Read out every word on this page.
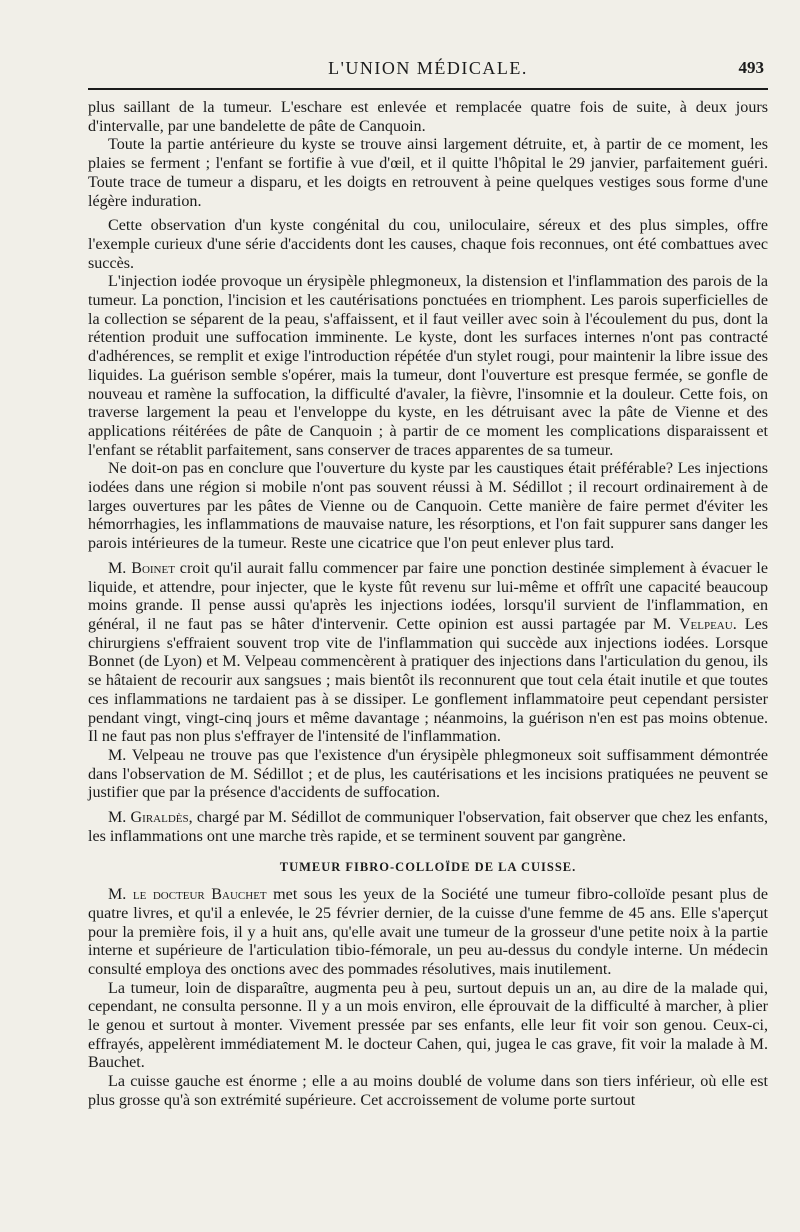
L'UNION MÉDICALE.	493

plus saillant de la tumeur. L'eschare est enlevée et remplacée quatre fois de suite, à deux jours d'intervalle, par une bandelette de pâte de Canquoin.

Toute la partie antérieure du kyste se trouve ainsi largement détruite, et, à partir de ce moment, les plaies se ferment ; l'enfant se fortifie à vue d'œil, et il quitte l'hôpital le 29 janvier, parfaitement guéri. Toute trace de tumeur a disparu, et les doigts en retrouvent à peine quelques vestiges sous forme d'une légère induration.

Cette observation d'un kyste congénital du cou, uniloculaire, séreux et des plus simples, offre l'exemple curieux d'une série d'accidents dont les causes, chaque fois reconnues, ont été combattues avec succès.

L'injection iodée provoque un érysipèle phlegmoneux, la distension et l'inflammation des parois de la tumeur. La ponction, l'incision et les cautérisations ponctuées en triomphent. Les parois superficielles de la collection se séparent de la peau, s'affaissent, et il faut veiller avec soin à l'écoulement du pus, dont la rétention produit une suffocation imminente. Le kyste, dont les surfaces internes n'ont pas contracté d'adhérences, se remplit et exige l'introduction répétée d'un stylet rougi, pour maintenir la libre issue des liquides. La guérison semble s'opérer, mais la tumeur, dont l'ouverture est presque fermée, se gonfle de nouveau et ramène la suffocation, la difficulté d'avaler, la fièvre, l'insomnie et la douleur. Cette fois, on traverse largement la peau et l'enveloppe du kyste, en les détruisant avec la pâte de Vienne et des applications réitérées de pâte de Canquoin ; à partir de ce moment les complications disparaissent et l'enfant se rétablit parfaitement, sans conserver de traces apparentes de sa tumeur.

Ne doit-on pas en conclure que l'ouverture du kyste par les caustiques était préférable? Les injections iodées dans une région si mobile n'ont pas souvent réussi à M. Sédillot ; il recourt ordinairement à de larges ouvertures par les pâtes de Vienne ou de Canquoin. Cette manière de faire permet d'éviter les hémorrhagies, les inflammations de mauvaise nature, les résorptions, et l'on fait suppurer sans danger les parois intérieures de la tumeur. Reste une cicatrice que l'on peut enlever plus tard.

M. Boinet croit qu'il aurait fallu commencer par faire une ponction destinée simplement à évacuer le liquide, et attendre, pour injecter, que le kyste fût revenu sur lui-même et offrît une capacité beaucoup moins grande. Il pense aussi qu'après les injections iodées, lorsqu'il survient de l'inflammation, en général, il ne faut pas se hâter d'intervenir. Cette opinion est aussi partagée par M. Velpeau. Les chirurgiens s'effraient souvent trop vite de l'inflammation qui succède aux injections iodées. Lorsque Bonnet (de Lyon) et M. Velpeau commencèrent à pratiquer des injections dans l'articulation du genou, ils se hâtaient de recourir aux sangsues ; mais bientôt ils reconnurent que tout cela était inutile et que toutes ces inflammations ne tardaient pas à se dissiper. Le gonflement inflammatoire peut cependant persister pendant vingt, vingt-cinq jours et même davantage ; néanmoins, la guérison n'en est pas moins obtenue. Il ne faut pas non plus s'effrayer de l'intensité de l'inflammation.

M. Velpeau ne trouve pas que l'existence d'un érysipèle phlegmoneux soit suffisamment démontrée dans l'observation de M. Sédillot ; et de plus, les cautérisations et les incisions pratiquées ne peuvent se justifier que par la présence d'accidents de suffocation.

M. Giraldès, chargé par M. Sédillot de communiquer l'observation, fait observer que chez les enfants, les inflammations ont une marche très rapide, et se terminent souvent par gangrène.

TUMEUR FIBRO-COLLOÏDE DE LA CUISSE.

M. le docteur Bauchet met sous les yeux de la Société une tumeur fibro-colloïde pesant plus de quatre livres, et qu'il a enlevée, le 25 février dernier, de la cuisse d'une femme de 45 ans. Elle s'aperçut pour la première fois, il y a huit ans, qu'elle avait une tumeur de la grosseur d'une petite noix à la partie interne et supérieure de l'articulation tibio-fémorale, un peu au-dessus du condyle interne. Un médecin consulté employa des onctions avec des pommades résolutives, mais inutilement.

La tumeur, loin de disparaître, augmenta peu à peu, surtout depuis un an, au dire de la malade qui, cependant, ne consulta personne. Il y a un mois environ, elle éprouvait de la difficulté à marcher, à plier le genou et surtout à monter. Vivement pressée par ses enfants, elle leur fit voir son genou. Ceux-ci, effrayés, appelèrent immédiatement M. le docteur Cahen, qui, jugea le cas grave, fit voir la malade à M. Bauchet.

La cuisse gauche est énorme ; elle a au moins doublé de volume dans son tiers inférieur, où elle est plus grosse qu'à son extrémité supérieure. Cet accroissement de volume porte surtout
